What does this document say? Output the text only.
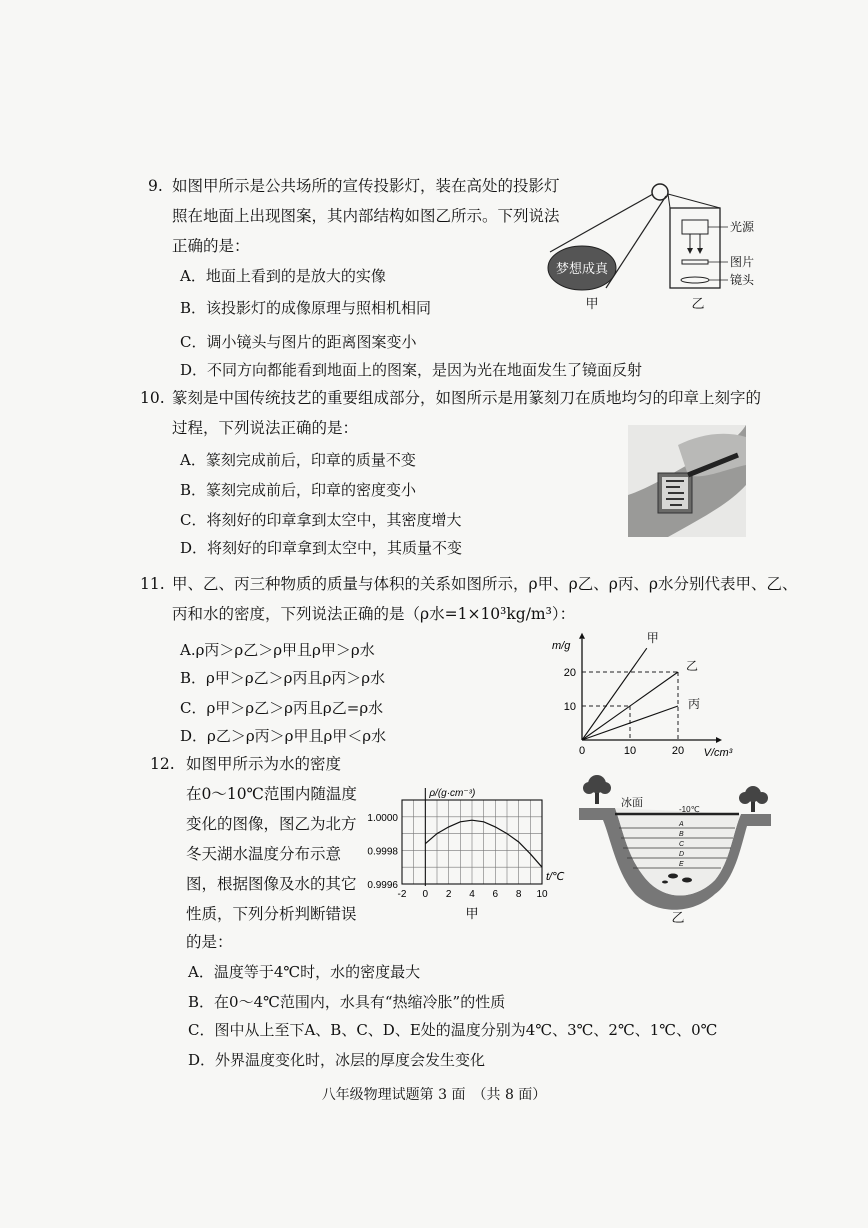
9. 如图甲所示是公共场所的宣传投影灯，装在高处的投影灯
照在地面上出现图案，其内部结构如图乙所示。下列说法
正确的是：
A．地面上看到的是放大的实像
B．该投影灯的成像原理与照相机相同
C．调小镜头与图片的距离图案变小
D．不同方向都能看到地面上的图案，是因为光在地面发生了镜面反射
梦想成真
甲
光源
图片
镜头
乙
10. 篆刻是中国传统技艺的重要组成部分，如图所示是用篆刻刀在质地均匀的印章上刻字的
过程，下列说法正确的是：
A．篆刻完成前后，印章的质量不变
B．篆刻完成前后，印章的密度变小
C．将刻好的印章拿到太空中，其密度增大
D．将刻好的印章拿到太空中，其质量不变
11. 甲、乙、丙三种物质的质量与体积的关系如图所示，ρ甲、ρ乙、ρ丙、ρ水分别代表甲、乙、
丙和水的密度，下列说法正确的是（ρ水=1×10³kg/m³）：
A.ρ丙＞ρ乙＞ρ甲且ρ甲＞ρ水
B．ρ甲＞ρ乙＞ρ丙且ρ丙＞ρ水
C．ρ甲＞ρ乙＞ρ丙且ρ乙=ρ水
D．ρ乙＞ρ丙＞ρ甲且ρ甲＜ρ水
甲
乙
丙
0	10	20
10
20
m/g
V/cm³
12. 如图甲所示为水的密度
在0～10℃范围内随温度
变化的图像，图乙为北方
冬天湖水温度分布示意
图，根据图像及水的其它
性质，下列分析判断错误
的是：
A．温度等于4℃时，水的密度最大
B．在0～4℃范围内，水具有“热缩冷胀”的性质
C．图中从上至下A、B、C、D、E处的温度分别为4℃、3℃、2℃、1℃、0℃
D．外界温度变化时，冰层的厚度会发生变化
-2 0 2 4 6 8 10
1.0000
0.9998
0.9996
ρ/(g·cm⁻³)
t/℃
甲
冰面
-10℃
A
B
C
D
E
乙
八年级物理试题第 3 面　（共 8 面）
